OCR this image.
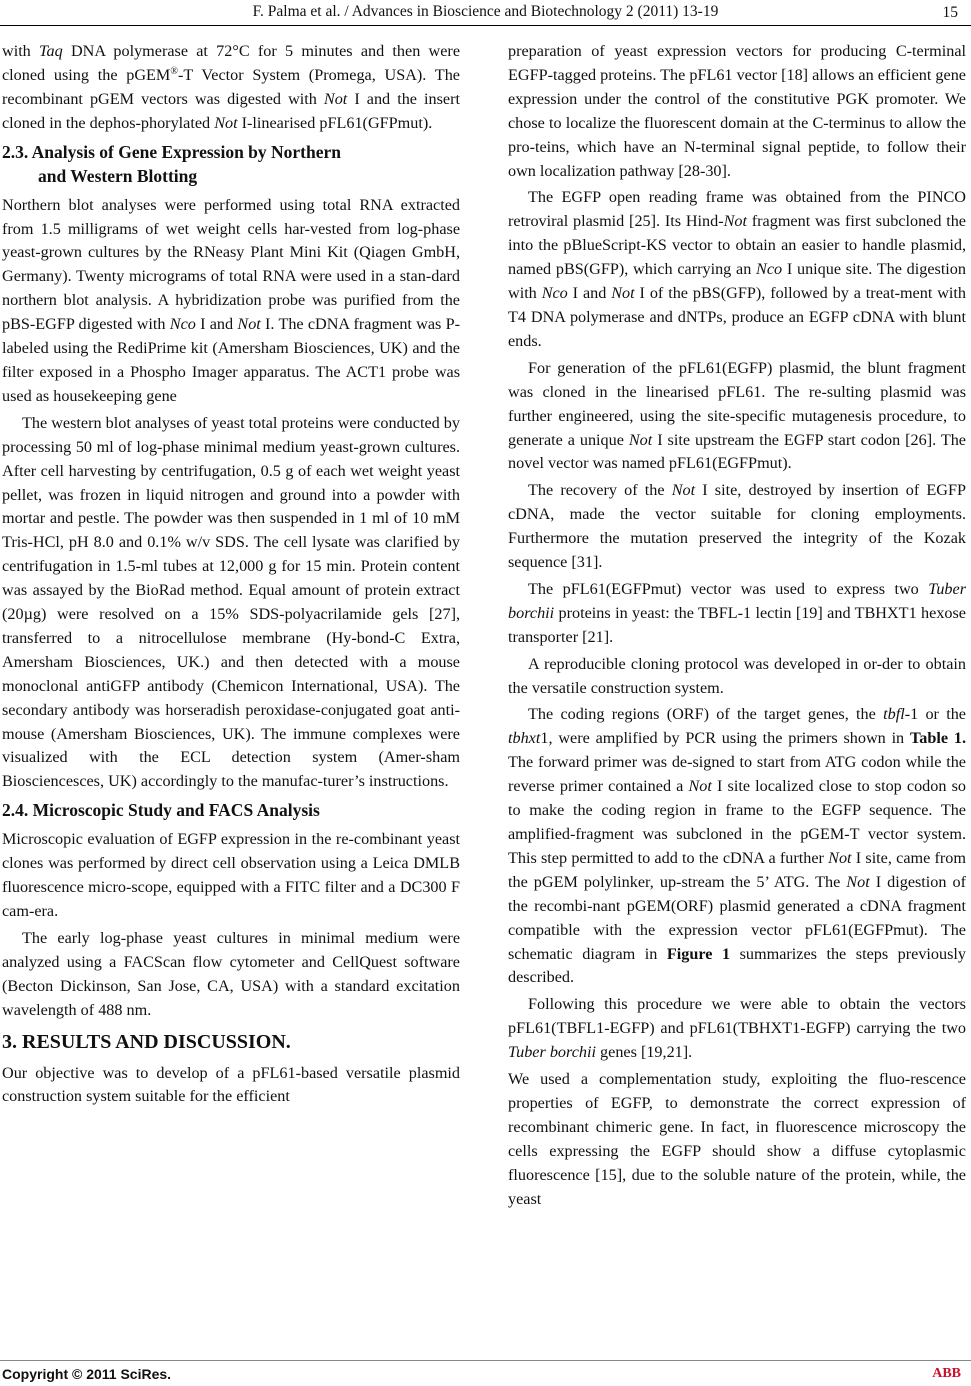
F. Palma et al. / Advances in Bioscience and Biotechnology 2 (2011) 13-19	15

with Taq DNA polymerase at 72°C for 5 minutes and then were cloned using the pGEM®-T Vector System (Promega, USA). The recombinant pGEM vectors was digested with Not I and the insert cloned in the dephos-phorylated Not I-linearised pFL61(GFPmut).

2.3. Analysis of Gene Expression by Northern
and Western Blotting

Northern blot analyses were performed using total RNA extracted from 1.5 milligrams of wet weight cells har-vested from log-phase yeast-grown cultures by the RNeasy Plant Mini Kit (Qiagen GmbH, Germany). Twenty micrograms of total RNA were used in a stan-dard northern blot analysis. A hybridization probe was purified from the pBS-EGFP digested with Nco I and Not I. The cDNA fragment was P-labeled using the RediPrime kit (Amersham Biosciences, UK) and the filter exposed in a Phospho Imager apparatus. The ACT1 probe was used as housekeeping gene

The western blot analyses of yeast total proteins were conducted by processing 50 ml of log-phase minimal medium yeast-grown cultures. After cell harvesting by centrifugation, 0.5 g of each wet weight yeast pellet, was frozen in liquid nitrogen and ground into a powder with mortar and pestle. The powder was then suspended in 1 ml of 10 mM Tris-HCl, pH 8.0 and 0.1% w/v SDS. The cell lysate was clarified by centrifugation in 1.5-ml tubes at 12,000 g for 15 min. Protein content was assayed by the BioRad method. Equal amount of protein extract (20µg) were resolved on a 15% SDS-polyacrilamide gels [27], transferred to a nitrocellulose membrane (Hy-bond-C Extra, Amersham Biosciences, UK.) and then detected with a mouse monoclonal antiGFP antibody (Chemicon International, USA). The secondary antibody was horseradish peroxidase-conjugated goat anti-mouse (Amersham Biosciences, UK). The immune complexes were visualized with the ECL detection system (Amer-sham Biosciencesces, UK) accordingly to the manufac-turer’s instructions.

2.4. Microscopic Study and FACS Analysis

Microscopic evaluation of EGFP expression in the re-combinant yeast clones was performed by direct cell observation using a Leica DMLB fluorescence micro-scope, equipped with a FITC filter and a DC300 F cam-era.

The early log-phase yeast cultures in minimal medium were analyzed using a FACScan flow cytometer and CellQuest software (Becton Dickinson, San Jose, CA, USA) with a standard excitation wavelength of 488 nm.

3. RESULTS AND DISCUSSION.

Our objective was to develop of a pFL61-based versatile plasmid construction system suitable for the efficient

preparation of yeast expression vectors for producing C-terminal EGFP-tagged proteins. The pFL61 vector [18] allows an efficient gene expression under the control of the constitutive PGK promoter. We chose to localize the fluorescent domain at the C-terminus to allow the pro-teins, which have an N-terminal signal peptide, to follow their own localization pathway [28-30].

The EGFP open reading frame was obtained from the PINCO retroviral plasmid [25]. Its Hind-Not fragment was first subcloned the into the pBlueScript-KS vector to obtain an easier to handle plasmid, named pBS(GFP), which carrying an Nco I unique site. The digestion with Nco I and Not I of the pBS(GFP), followed by a treat-ment with T4 DNA polymerase and dNTPs, produce an EGFP cDNA with blunt ends.

For generation of the pFL61(EGFP) plasmid, the blunt fragment was cloned in the linearised pFL61. The re-sulting plasmid was further engineered, using the site-specific mutagenesis procedure, to generate a unique Not I site upstream the EGFP start codon [26]. The novel vector was named pFL61(EGFPmut).

The recovery of the Not I site, destroyed by insertion of EGFP cDNA, made the vector suitable for cloning employments. Furthermore the mutation preserved the integrity of the Kozak sequence [31].

The pFL61(EGFPmut) vector was used to express two Tuber borchii proteins in yeast: the TBFL-1 lectin [19] and TBHXT1 hexose transporter [21].

A reproducible cloning protocol was developed in or-der to obtain the versatile construction system.

The coding regions (ORF) of the target genes, the tbfl-1 or the tbhxt1, were amplified by PCR using the primers shown in Table 1. The forward primer was de-signed to start from ATG codon while the reverse primer contained a Not I site localized close to stop codon so to make the coding region in frame to the EGFP sequence. The amplified-fragment was subcloned in the pGEM-T vector system. This step permitted to add to the cDNA a further Not I site, came from the pGEM polylinker, up-stream the 5’ ATG. The Not I digestion of the recombi-nant pGEM(ORF) plasmid generated a cDNA fragment compatible with the expression vector pFL61(EGFPmut). The schematic diagram in Figure 1 summarizes the steps previously described.

Following this procedure we were able to obtain the vectors pFL61(TBFL1-EGFP) and pFL61(TBHXT1-EGFP) carrying the two Tuber borchii genes [19,21].

We used a complementation study, exploiting the fluo-rescence properties of EGFP, to demonstrate the correct expression of recombinant chimeric gene. In fact, in fluorescence microscopy the cells expressing the EGFP should show a diffuse cytoplasmic fluorescence [15], due to the soluble nature of the protein, while, the yeast

Copyright © 2011 SciRes.	ABB
